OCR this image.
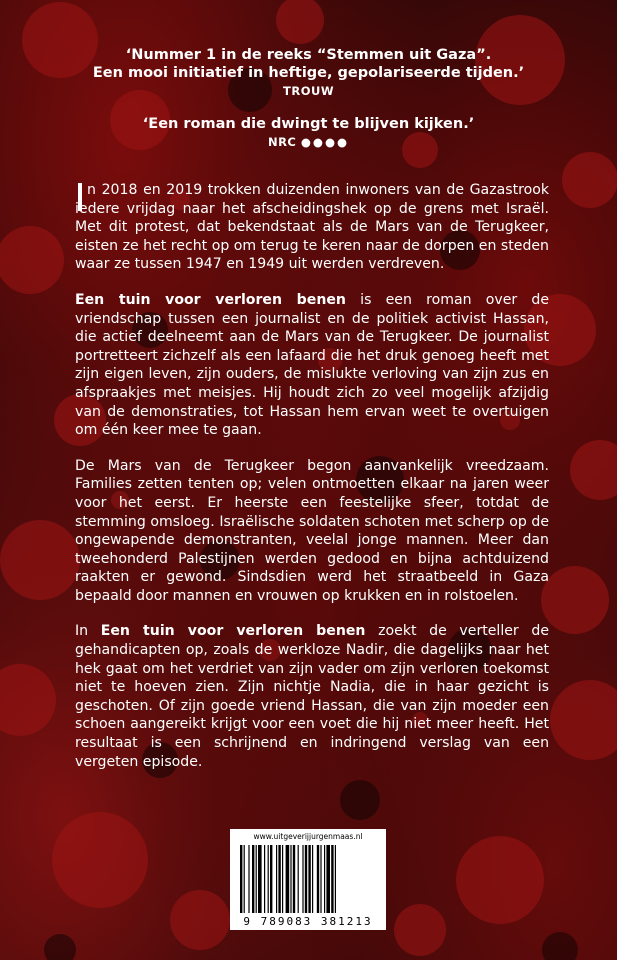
‘Nummer 1 in de reeks “Stemmen uit Gaza”.
Een mooi initiatief in heftige, gepolariseerde tijden.’
TROUW
‘Een roman die dwingt te blijven kijken.’
NRC ●●●●

n 2018 en 2019 trokken duizenden inwoners van de Gazastrook iedere vrijdag naar het afscheidingshek op de grens met Israël. Met dit protest, dat bekendstaat als de Mars van de Terugkeer, eisten ze het recht op om terug te keren naar de dorpen en steden waar ze tussen 1947 en 1949 uit werden verdreven.

Een tuin voor verloren benen is een roman over de vriendschap tussen een journalist en de politiek activist Hassan, die actief deelneemt aan de Mars van de Terugkeer. De journalist portretteert zichzelf als een lafaard die het druk genoeg heeft met zijn eigen leven, zijn ouders, de mislukte verloving van zijn zus en afspraakjes met meisjes. Hij houdt zich zo veel mogelijk afzijdig van de demonstraties, tot Hassan hem ervan weet te overtuigen om één keer mee te gaan.

De Mars van de Terugkeer begon aanvankelijk vreedzaam. Families zetten tenten op; velen ontmoetten elkaar na jaren weer voor het eerst. Er heerste een feestelijke sfeer, totdat de stemming omsloeg. Israëlische soldaten schoten met scherp op de ongewapende demonstranten, veelal jonge mannen. Meer dan tweehonderd Palestijnen werden gedood en bijna achtduizend raakten er gewond. Sindsdien werd het straatbeeld in Gaza bepaald door mannen en vrouwen op krukken en in rolstoelen.

In Een tuin voor verloren benen zoekt de verteller de gehandicapten op, zoals de werkloze Nadir, die dagelijks naar het hek gaat om het verdriet van zijn vader om zijn verloren toekomst niet te hoeven zien. Zijn nichtje Nadia, die in haar gezicht is geschoten. Of zijn goede vriend Hassan, die van zijn moeder een schoen aangereikt krijgt voor een voet die hij niet meer heeft. Het resultaat is een schrijnend en indringend verslag van een vergeten episode.

www.uitgeverijjurgenmaas.nl
9 789083 381213
